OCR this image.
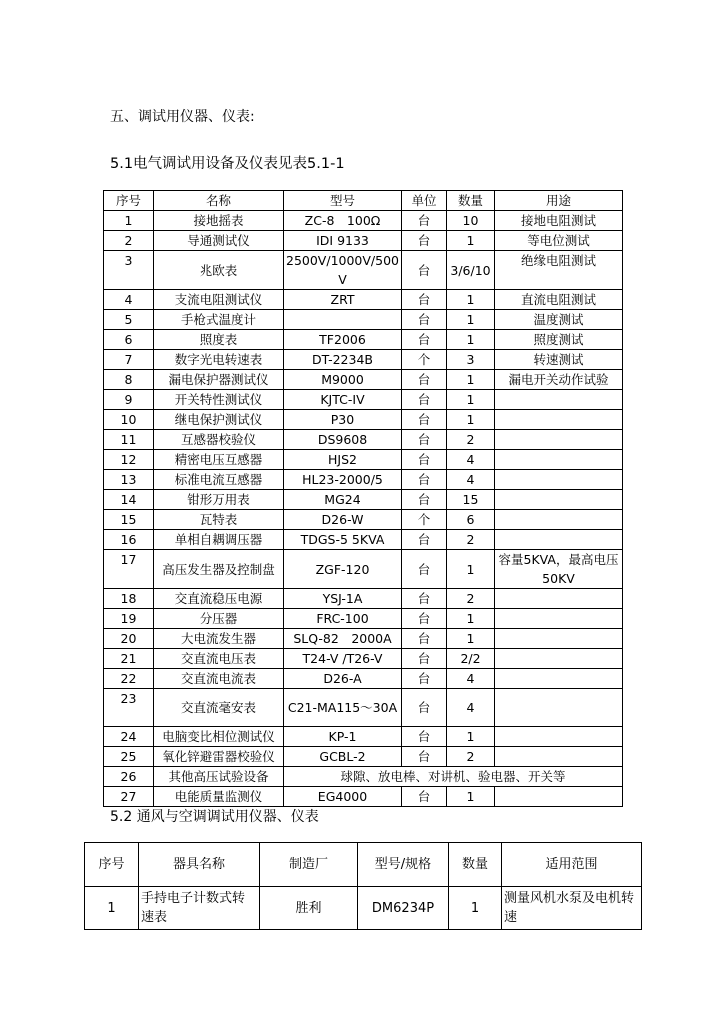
五、调试用仪器、仪表:
5.1电气调试用设备及仪表见表5.1-1
序号	名称	型号	单位	数量	用途
1	接地摇表	ZC-8　100Ω	台	10	接地电阻测试
2	导通测试仪	IDI 9133	台	1	等电位测试
3	兆欧表	2500V/1000V/500V	台	3/6/10	绝缘电阻测试
4	支流电阻测试仪	ZRT	台	1	直流电阻测试
5	手枪式温度计		台	1	温度测试
6	照度表	TF2006	台	1	照度测试
7	数字光电转速表	DT-2234B	个	3	转速测试
8	漏电保护器测试仪	M9000	台	1	漏电开关动作试验
9	开关特性测试仪	KJTC-IV	台	1	
10	继电保护测试仪	P30	台	1	
11	互感器校验仪	DS9608	台	2	
12	精密电压互感器	HJS2	台	4	
13	标准电流互感器	HL23-2000/5	台	4	
14	钳形万用表	MG24	台	15	
15	瓦特表	D26-W	个	6	
16	单相自耦调压器	TDGS-5 5KVA	台	2	
17	高压发生器及控制盘	ZGF-120	台	1	容量5KVA，最高电压50KV
18	交直流稳压电源	YSJ-1A	台	2	
19	分压器	FRC-100	台	1	
20	大电流发生器	SLQ-82　2000A	台	1	
21	交直流电压表	T24-V /T26-V	台	2/2	
22	交直流电流表	D26-A	台	4	
23	交直流毫安表	C21-MA115～30A	台	4	
24	电脑变比相位测试仪	KP-1	台	1	
25	氧化锌避雷器校验仪	GCBL-2	台	2	
26	其他高压试验设备	球隙、放电棒、对讲机、验电器、开关等			
27	电能质量监测仪	EG4000	台	1	
5.2 通风与空调调试用仪器、仪表
序号	器具名称	制造厂	型号/规格	数量	适用范围
1	手持电子计数式转速表	胜利	DM6234P	1	测量风机水泵及电机转速
